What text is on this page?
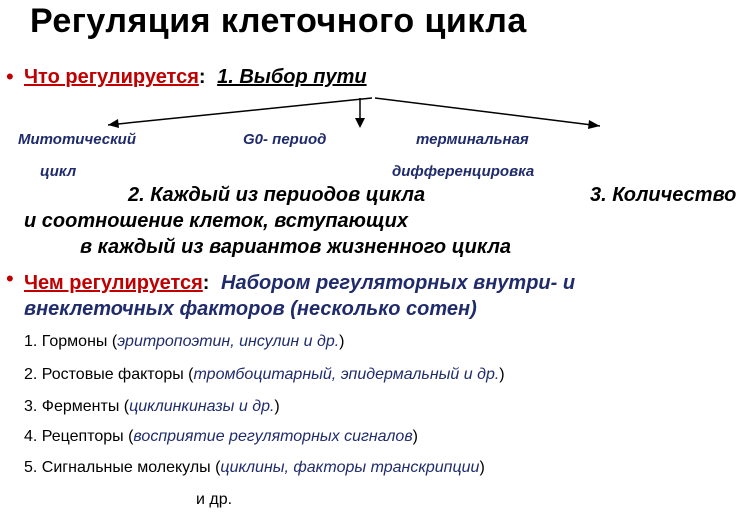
Регуляция клеточного цикла
• Что регулируется: 1. Выбор пути
Митотический
цикл
G0- период	терминальная
дифференцировка
2. Каждый из периодов цикла	3. Количество
и соотношение клеток, вступающих
в каждый из вариантов жизненного цикла
• Чем регулируется: Набором регуляторных внутри- и
внеклеточных факторов (несколько сотен)
1. Гормоны (эритропоэтин, инсулин и др.)
2. Ростовые факторы (тромбоцитарный, эпидермальный и др.)
3. Ферменты (циклинкиназы и др.)
4. Рецепторы (восприятие регуляторных сигналов)
5. Сигнальные молекулы (циклины, факторы транскрипции)
и др.
